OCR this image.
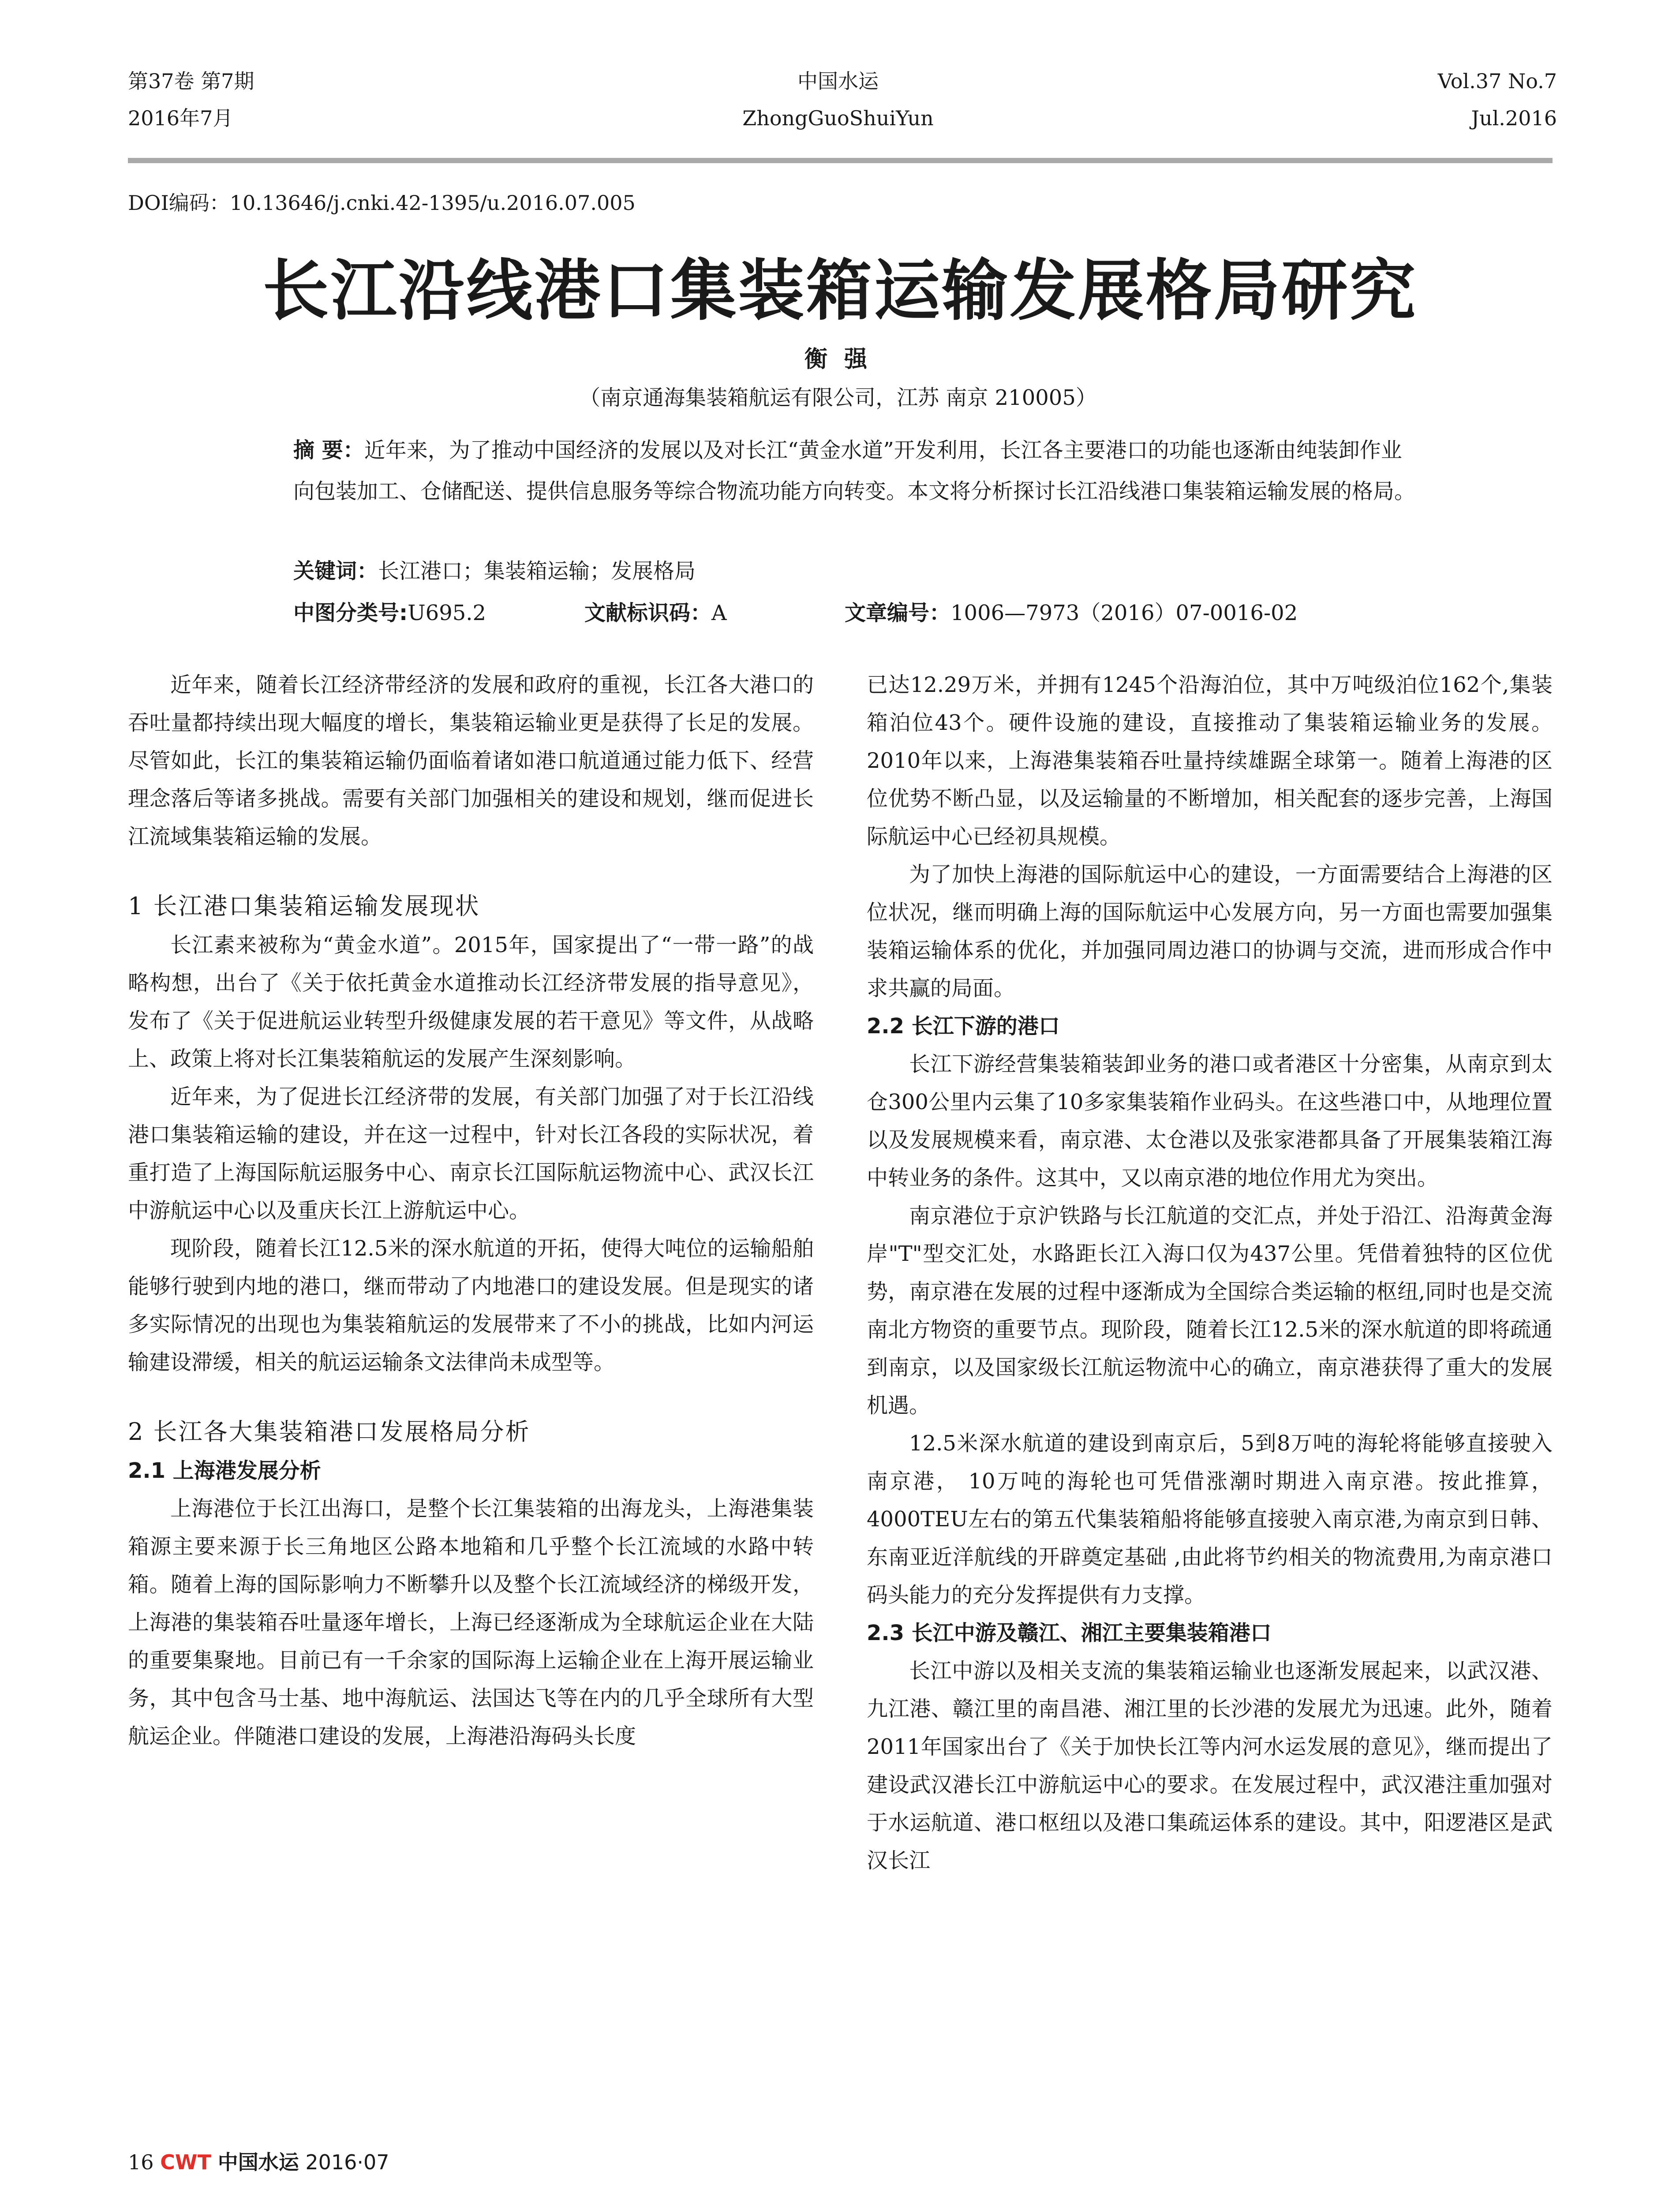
第37卷 第7期
2016年7月
中国水运
ZhongGuoShuiYun
Vol.37 No.7
Jul.2016
DOI编码：10.13646/j.cnki.42-1395/u.2016.07.005
长江沿线港口集装箱运输发展格局研究
衡 强
（南京通海集装箱航运有限公司，江苏 南京 210005）
摘 要：近年来，为了推动中国经济的发展以及对长江“黄金水道”开发利用，长江各主要港口的功能也逐渐由纯装卸作业向包装加工、仓储配送、提供信息服务等综合物流功能方向转变。本文将分析探讨长江沿线港口集装箱运输发展的格局。
关键词：长江港口；集装箱运输；发展格局
中图分类号:U695.2	文献标识码：A	文章编号：1006—7973（2016）07-0016-02

近年来，随着长江经济带经济的发展和政府的重视，长江各大港口的吞吐量都持续出现大幅度的增长，集装箱运输业更是获得了长足的发展。尽管如此，长江的集装箱运输仍面临着诸如港口航道通过能力低下、经营理念落后等诸多挑战。需要有关部门加强相关的建设和规划，继而促进长江流域集装箱运输的发展。

1 长江港口集装箱运输发展现状

长江素来被称为“黄金水道”。2015年，国家提出了“一带一路”的战略构想，出台了《关于依托黄金水道推动长江经济带发展的指导意见》，发布了《关于促进航运业转型升级健康发展的若干意见》等文件，从战略上、政策上将对长江集装箱航运的发展产生深刻影响。

近年来，为了促进长江经济带的发展，有关部门加强了对于长江沿线港口集装箱运输的建设，并在这一过程中，针对长江各段的实际状况，着重打造了上海国际航运服务中心、南京长江国际航运物流中心、武汉长江中游航运中心以及重庆长江上游航运中心。

现阶段，随着长江12.5米的深水航道的开拓，使得大吨位的运输船舶能够行驶到内地的港口，继而带动了内地港口的建设发展。但是现实的诸多实际情况的出现也为集装箱航运的发展带来了不小的挑战，比如内河运输建设滞缓，相关的航运运输条文法律尚未成型等。

2 长江各大集装箱港口发展格局分析
2.1 上海港发展分析

上海港位于长江出海口，是整个长江集装箱的出海龙头，上海港集装箱源主要来源于长三角地区公路本地箱和几乎整个长江流域的水路中转箱。随着上海的国际影响力不断攀升以及整个长江流域经济的梯级开发，上海港的集装箱吞吐量逐年增长，上海已经逐渐成为全球航运企业在大陆的重要集聚地。目前已有一千余家的国际海上运输企业在上海开展运输业务，其中包含马士基、地中海航运、法国达飞等在内的几乎全球所有大型航运企业。伴随港口建设的发展，上海港沿海码头长度

已达12.29万米，并拥有1245个沿海泊位，其中万吨级泊位162个,集装箱泊位43个。硬件设施的建设，直接推动了集装箱运输业务的发展。2010年以来，上海港集装箱吞吐量持续雄踞全球第一。随着上海港的区位优势不断凸显，以及运输量的不断增加，相关配套的逐步完善，上海国际航运中心已经初具规模。

为了加快上海港的国际航运中心的建设，一方面需要结合上海港的区位状况，继而明确上海的国际航运中心发展方向，另一方面也需要加强集装箱运输体系的优化，并加强同周边港口的协调与交流，进而形成合作中求共赢的局面。

2.2 长江下游的港口

长江下游经营集装箱装卸业务的港口或者港区十分密集，从南京到太仓300公里内云集了10多家集装箱作业码头。在这些港口中，从地理位置以及发展规模来看，南京港、太仓港以及张家港都具备了开展集装箱江海中转业务的条件。这其中，又以南京港的地位作用尤为突出。

南京港位于京沪铁路与长江航道的交汇点，并处于沿江、沿海黄金海岸"T"型交汇处，水路距长江入海口仅为437公里。凭借着独特的区位优势，南京港在发展的过程中逐渐成为全国综合类运输的枢纽,同时也是交流南北方物资的重要节点。现阶段，随着长江12.5米的深水航道的即将疏通到南京，以及国家级长江航运物流中心的确立，南京港获得了重大的发展机遇。

12.5米深水航道的建设到南京后，5到8万吨的海轮将能够直接驶入南京港， 10万吨的海轮也可凭借涨潮时期进入南京港。按此推算，4000TEU左右的第五代集装箱船将能够直接驶入南京港,为南京到日韩、东南亚近洋航线的开辟奠定基础 ,由此将节约相关的物流费用,为南京港口码头能力的充分发挥提供有力支撑。

2.3 长江中游及赣江、湘江主要集装箱港口

长江中游以及相关支流的集装箱运输业也逐渐发展起来，以武汉港、九江港、赣江里的南昌港、湘江里的长沙港的发展尤为迅速。此外，随着2011年国家出台了《关于加快长江等内河水运发展的意见》，继而提出了建设武汉港长江中游航运中心的要求。在发展过程中，武汉港注重加强对于水运航道、港口枢纽以及港口集疏运体系的建设。其中，阳逻港区是武汉长江

16 CWT 中国水运 2016·07
